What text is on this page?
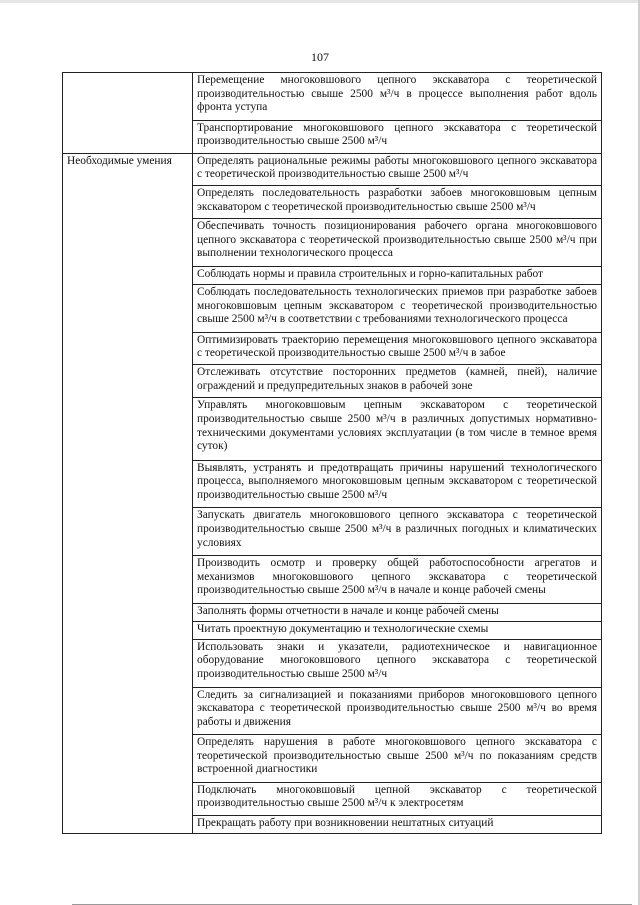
107
	Перемещение многоковшового цепного экскаватора с теоретической производительностью свыше 2500 м³/ч в процессе выполнения работ вдоль фронта уступа
	Транспортирование многоковшового цепного экскаватора с теоретической производительностью свыше 2500 м³/ч
Необходимые умения	Определять рациональные режимы работы многоковшового цепного экскаватора с теоретической производительностью свыше 2500 м³/ч
	Определять последовательность разработки забоев многоковшовым цепным экскаватором с теоретической производительностью свыше 2500 м³/ч
	Обеспечивать точность позиционирования рабочего органа многоковшового цепного экскаватора с теоретической производительностью свыше 2500 м³/ч при выполнении технологического процесса
	Соблюдать нормы и правила строительных и горно-капитальных работ
	Соблюдать последовательность технологических приемов при разработке забоев многоковшовым цепным экскаватором с теоретической производительностью свыше 2500 м³/ч в соответствии с требованиями технологического процесса
	Оптимизировать траекторию перемещения многоковшового цепного экскаватора с теоретической производительностью свыше 2500 м³/ч в забое
	Отслеживать отсутствие посторонних предметов (камней, пней), наличие ограждений и предупредительных знаков в рабочей зоне
	Управлять многоковшовым цепным экскаватором с теоретической производительностью свыше 2500 м³/ч в различных допустимых нормативно-техническими документами условиях эксплуатации (в том числе в темное время суток)
	Выявлять, устранять и предотвращать причины нарушений технологического процесса, выполняемого многоковшовым цепным экскаватором с теоретической производительностью свыше 2500 м³/ч
	Запускать двигатель многоковшового цепного экскаватора с теоретической производительностью свыше 2500 м³/ч в различных погодных и климатических условиях
	Производить осмотр и проверку общей работоспособности агрегатов и механизмов многоковшового цепного экскаватора с теоретической производительностью свыше 2500 м³/ч в начале и конце рабочей смены
	Заполнять формы отчетности в начале и конце рабочей смены
	Читать проектную документацию и технологические схемы
	Использовать знаки и указатели, радиотехническое и навигационное оборудование многоковшового цепного экскаватора с теоретической производительностью свыше 2500 м³/ч
	Следить за сигнализацией и показаниями приборов многоковшового цепного экскаватора с теоретической производительностью свыше 2500 м³/ч во время работы и движения
	Определять нарушения в работе многоковшового цепного экскаватора с теоретической производительностью свыше 2500 м³/ч по показаниям средств встроенной диагностики
	Подключать многоковшовый цепной экскаватор с теоретической производительностью свыше 2500 м³/ч к электросетям
	Прекращать работу при возникновении нештатных ситуаций
